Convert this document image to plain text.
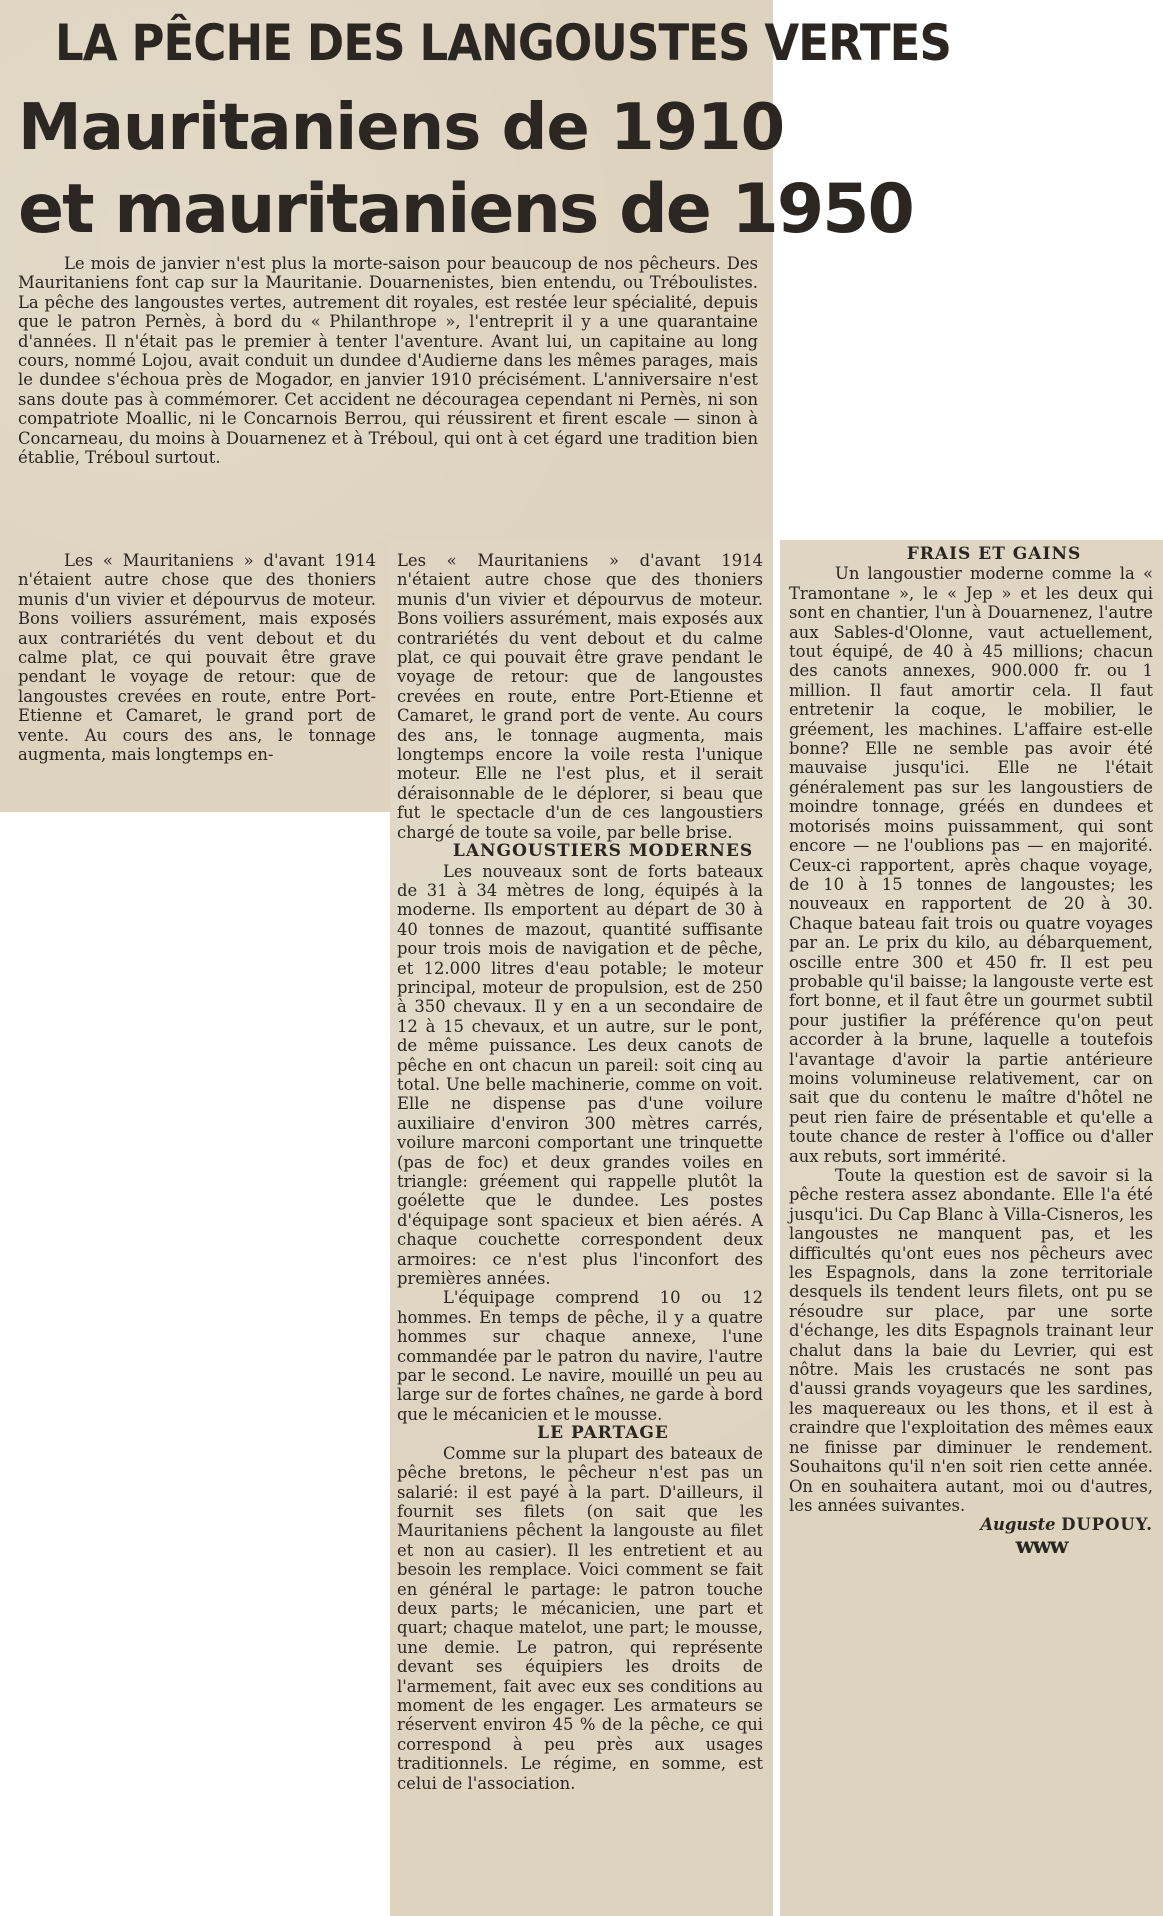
LA PÊCHE DES LANGOUSTES VERTES
Mauritaniens de 1910
et mauritaniens de 1950

Le mois de janvier n'est plus la morte-saison pour beaucoup de nos pêcheurs. Des Mauritaniens font cap sur la Mauritanie. Douarnenistes, bien entendu, ou Tréboulistes. La pêche des langoustes vertes, autrement dit royales, est restée leur spécialité, depuis que le patron Pernès, à bord du « Philanthrope », l'entreprit il y a une quarantaine d'années. Il n'était pas le premier à tenter l'aventure. Avant lui, un capitaine au long cours, nommé Lojou, avait conduit un dundee d'Audierne dans les mêmes parages, mais le dundee s'échoua près de Mogador, en janvier 1910 précisément. L'anniversaire n'est sans doute pas à commémorer. Cet accident ne découragea cependant ni Pernès, ni son compatriote Moallic, ni le Concarnois Berrou, qui réussirent et firent escale — sinon à Concarneau, du moins à Douarnenez et à Tréboul, qui ont à cet égard une tradition bien établie, Tréboul surtout.

Les « Mauritaniens » d'avant 1914 n'étaient autre chose que des thoniers munis d'un vivier et dépourvus de moteur. Bons voiliers assurément, mais exposés aux contrariétés du vent debout et du calme plat, ce qui pouvait être grave pendant le voyage de retour: que de langoustes crevées en route, entre Port-Etienne et Camaret, le grand port de vente. Au cours des ans, le tonnage augmenta, mais longtemps en-

Les « Mauritaniens » d'avant 1914 n'étaient autre chose que des thoniers munis d'un vivier et dépourvus de moteur. Bons voiliers assurément, mais exposés aux contrariétés du vent debout et du calme plat, ce qui pouvait être grave pendant le voyage de retour: que de langoustes crevées en route, entre Port-Etienne et Camaret, le grand port de vente. Au cours des ans, le tonnage augmenta, mais longtemps encore la voile resta l'unique moteur. Elle ne l'est plus, et il serait déraisonnable de le déplorer, si beau que fut le spectacle d'un de ces langoustiers chargé de toute sa voile, par belle brise.

LANGOUSTIERS MODERNES

Les nouveaux sont de forts bateaux de 31 à 34 mètres de long, équipés à la moderne. Ils emportent au départ de 30 à 40 tonnes de mazout, quantité suffisante pour trois mois de navigation et de pêche, et 12.000 litres d'eau potable; le moteur principal, moteur de propulsion, est de 250 à 350 chevaux. Il y en a un secondaire de 12 à 15 chevaux, et un autre, sur le pont, de même puissance. Les deux canots de pêche en ont chacun un pareil: soit cinq au total. Une belle machinerie, comme on voit. Elle ne dispense pas d'une voilure auxiliaire d'environ 300 mètres carrés, voilure marconi comportant une trinquette (pas de foc) et deux grandes voiles en triangle: gréement qui rappelle plutôt la goélette que le dundee. Les postes d'équipage sont spacieux et bien aérés. A chaque couchette correspondent deux armoires: ce n'est plus l'inconfort des premières années.

L'équipage comprend 10 ou 12 hommes. En temps de pêche, il y a quatre hommes sur chaque annexe, l'une commandée par le patron du navire, l'autre par le second. Le navire, mouillé un peu au large sur de fortes chaînes, ne garde à bord que le mécanicien et le mousse.

LE PARTAGE

Comme sur la plupart des bateaux de pêche bretons, le pêcheur n'est pas un salarié: il est payé à la part. D'ailleurs, il fournit ses filets (on sait que les Mauritaniens pêchent la langouste au filet et non au casier). Il les entretient et au besoin les remplace. Voici comment se fait en général le partage: le patron touche deux parts; le mécanicien, une part et quart; chaque matelot, une part; le mousse, une demie. Le patron, qui représente devant ses équipiers les droits de l'armement, fait avec eux ses conditions au moment de les engager. Les armateurs se réservent environ 45 % de la pêche, ce qui correspond à peu près aux usages traditionnels. Le régime, en somme, est celui de l'association.

FRAIS ET GAINS

Un langoustier moderne comme la « Tramontane », le « Jep » et les deux qui sont en chantier, l'un à Douarnenez, l'autre aux Sables-d'Olonne, vaut actuellement, tout équipé, de 40 à 45 millions; chacun des canots annexes, 900.000 fr. ou 1 million. Il faut amortir cela. Il faut entretenir la coque, le mobilier, le gréement, les machines. L'affaire est-elle bonne? Elle ne semble pas avoir été mauvaise jusqu'ici. Elle ne l'était généralement pas sur les langoustiers de moindre tonnage, gréés en dundees et motorisés moins puissamment, qui sont encore — ne l'oublions pas — en majorité. Ceux-ci rapportent, après chaque voyage, de 10 à 15 tonnes de langoustes; les nouveaux en rapportent de 20 à 30. Chaque bateau fait trois ou quatre voyages par an. Le prix du kilo, au débarquement, oscille entre 300 et 450 fr. Il est peu probable qu'il baisse; la langouste verte est fort bonne, et il faut être un gourmet subtil pour justifier la préférence qu'on peut accorder à la brune, laquelle a toutefois l'avantage d'avoir la partie antérieure moins volumineuse relativement, car on sait que du contenu le maître d'hôtel ne peut rien faire de présentable et qu'elle a toute chance de rester à l'office ou d'aller aux rebuts, sort immérité.

Toute la question est de savoir si la pêche restera assez abondante. Elle l'a été jusqu'ici. Du Cap Blanc à Villa-Cisneros, les langoustes ne manquent pas, et les difficultés qu'ont eues nos pêcheurs avec les Espagnols, dans la zone territoriale desquels ils tendent leurs filets, ont pu se résoudre sur place, par une sorte d'échange, les dits Espagnols trainant leur chalut dans la baie du Levrier, qui est nôtre. Mais les crustacés ne sont pas d'aussi grands voyageurs que les sardines, les maquereaux ou les thons, et il est à craindre que l'exploitation des mêmes eaux ne finisse par diminuer le rendement. Souhaitons qu'il n'en soit rien cette année. On en souhaitera autant, moi ou d'autres, les années suivantes.

Auguste DUPOUY.

ᴡᴡᴡ
